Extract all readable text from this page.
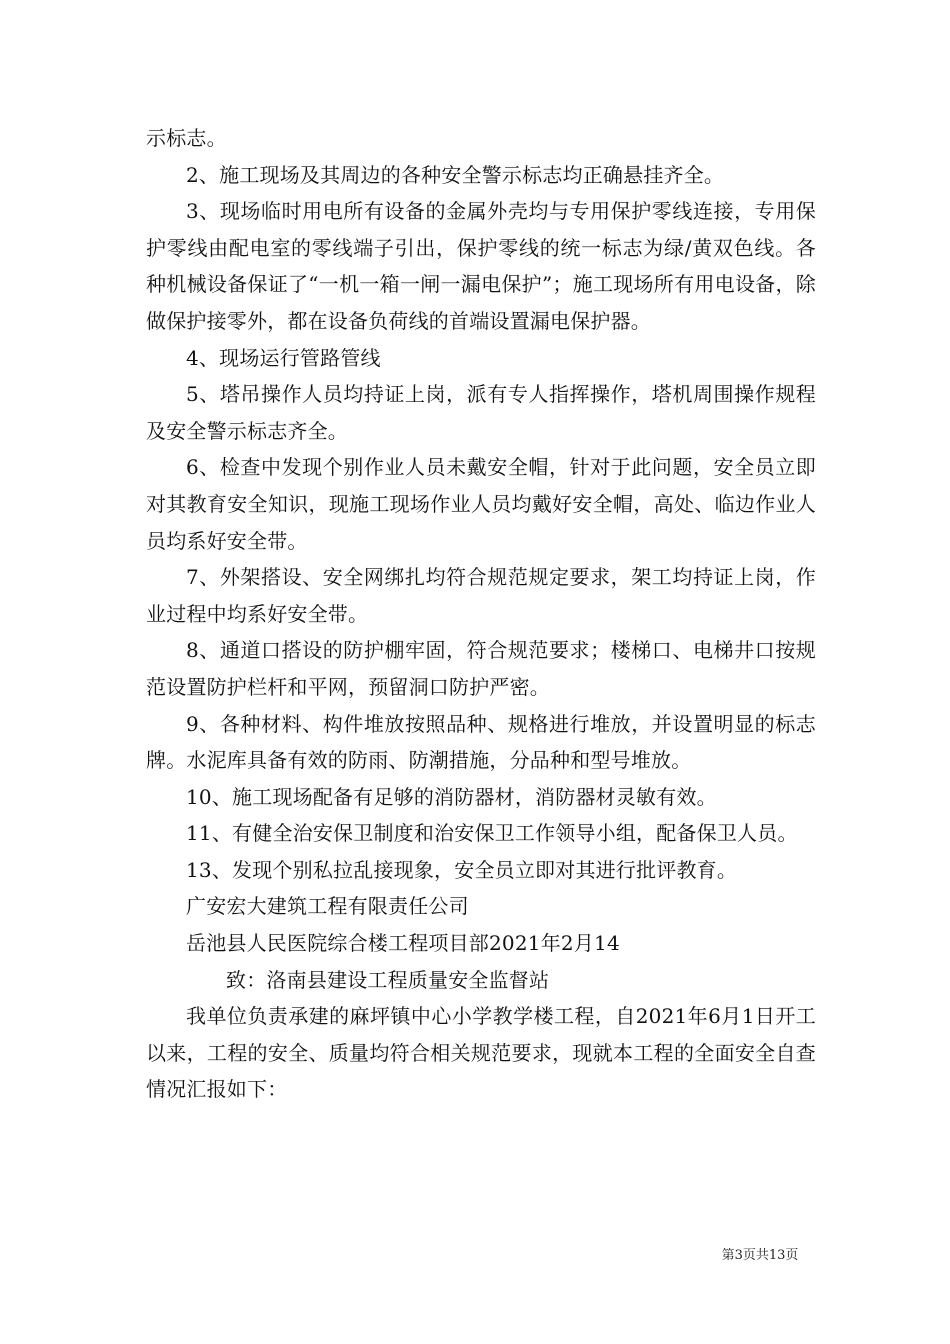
示标志。

2、施工现场及其周边的各种安全警示标志均正确悬挂齐全。

3、现场临时用电所有设备的金属外壳均与专用保护零线连接，专用保护零线由配电室的零线端子引出，保护零线的统一标志为绿/黄双色线。各种机械设备保证了“一机一箱一闸一漏电保护”；施工现场所有用电设备，除做保护接零外，都在设备负荷线的首端设置漏电保护器。

4、现场运行管路管线

5、塔吊操作人员均持证上岗，派有专人指挥操作，塔机周围操作规程及安全警示标志齐全。

6、检查中发现个别作业人员未戴安全帽，针对于此问题，安全员立即对其教育安全知识，现施工现场作业人员均戴好安全帽，高处、临边作业人员均系好安全带。

7、外架搭设、安全网绑扎均符合规范规定要求，架工均持证上岗，作业过程中均系好安全带。

8、通道口搭设的防护棚牢固，符合规范要求；楼梯口、电梯井口按规范设置防护栏杆和平网，预留洞口防护严密。

9、各种材料、构件堆放按照品种、规格进行堆放，并设置明显的标志牌。水泥库具备有效的防雨、防潮措施，分品种和型号堆放。

10、施工现场配备有足够的消防器材，消防器材灵敏有效。

11、有健全治安保卫制度和治安保卫工作领导小组，配备保卫人员。

13、发现个别私拉乱接现象，安全员立即对其进行批评教育。

广安宏大建筑工程有限责任公司

岳池县人民医院综合楼工程项目部2021年2月14

致：洛南县建设工程质量安全监督站

我单位负责承建的麻坪镇中心小学教学楼工程，自2021年6月1日开工以来，工程的安全、质量均符合相关规范要求，现就本工程的全面安全自查情况汇报如下：

第3页共13页
